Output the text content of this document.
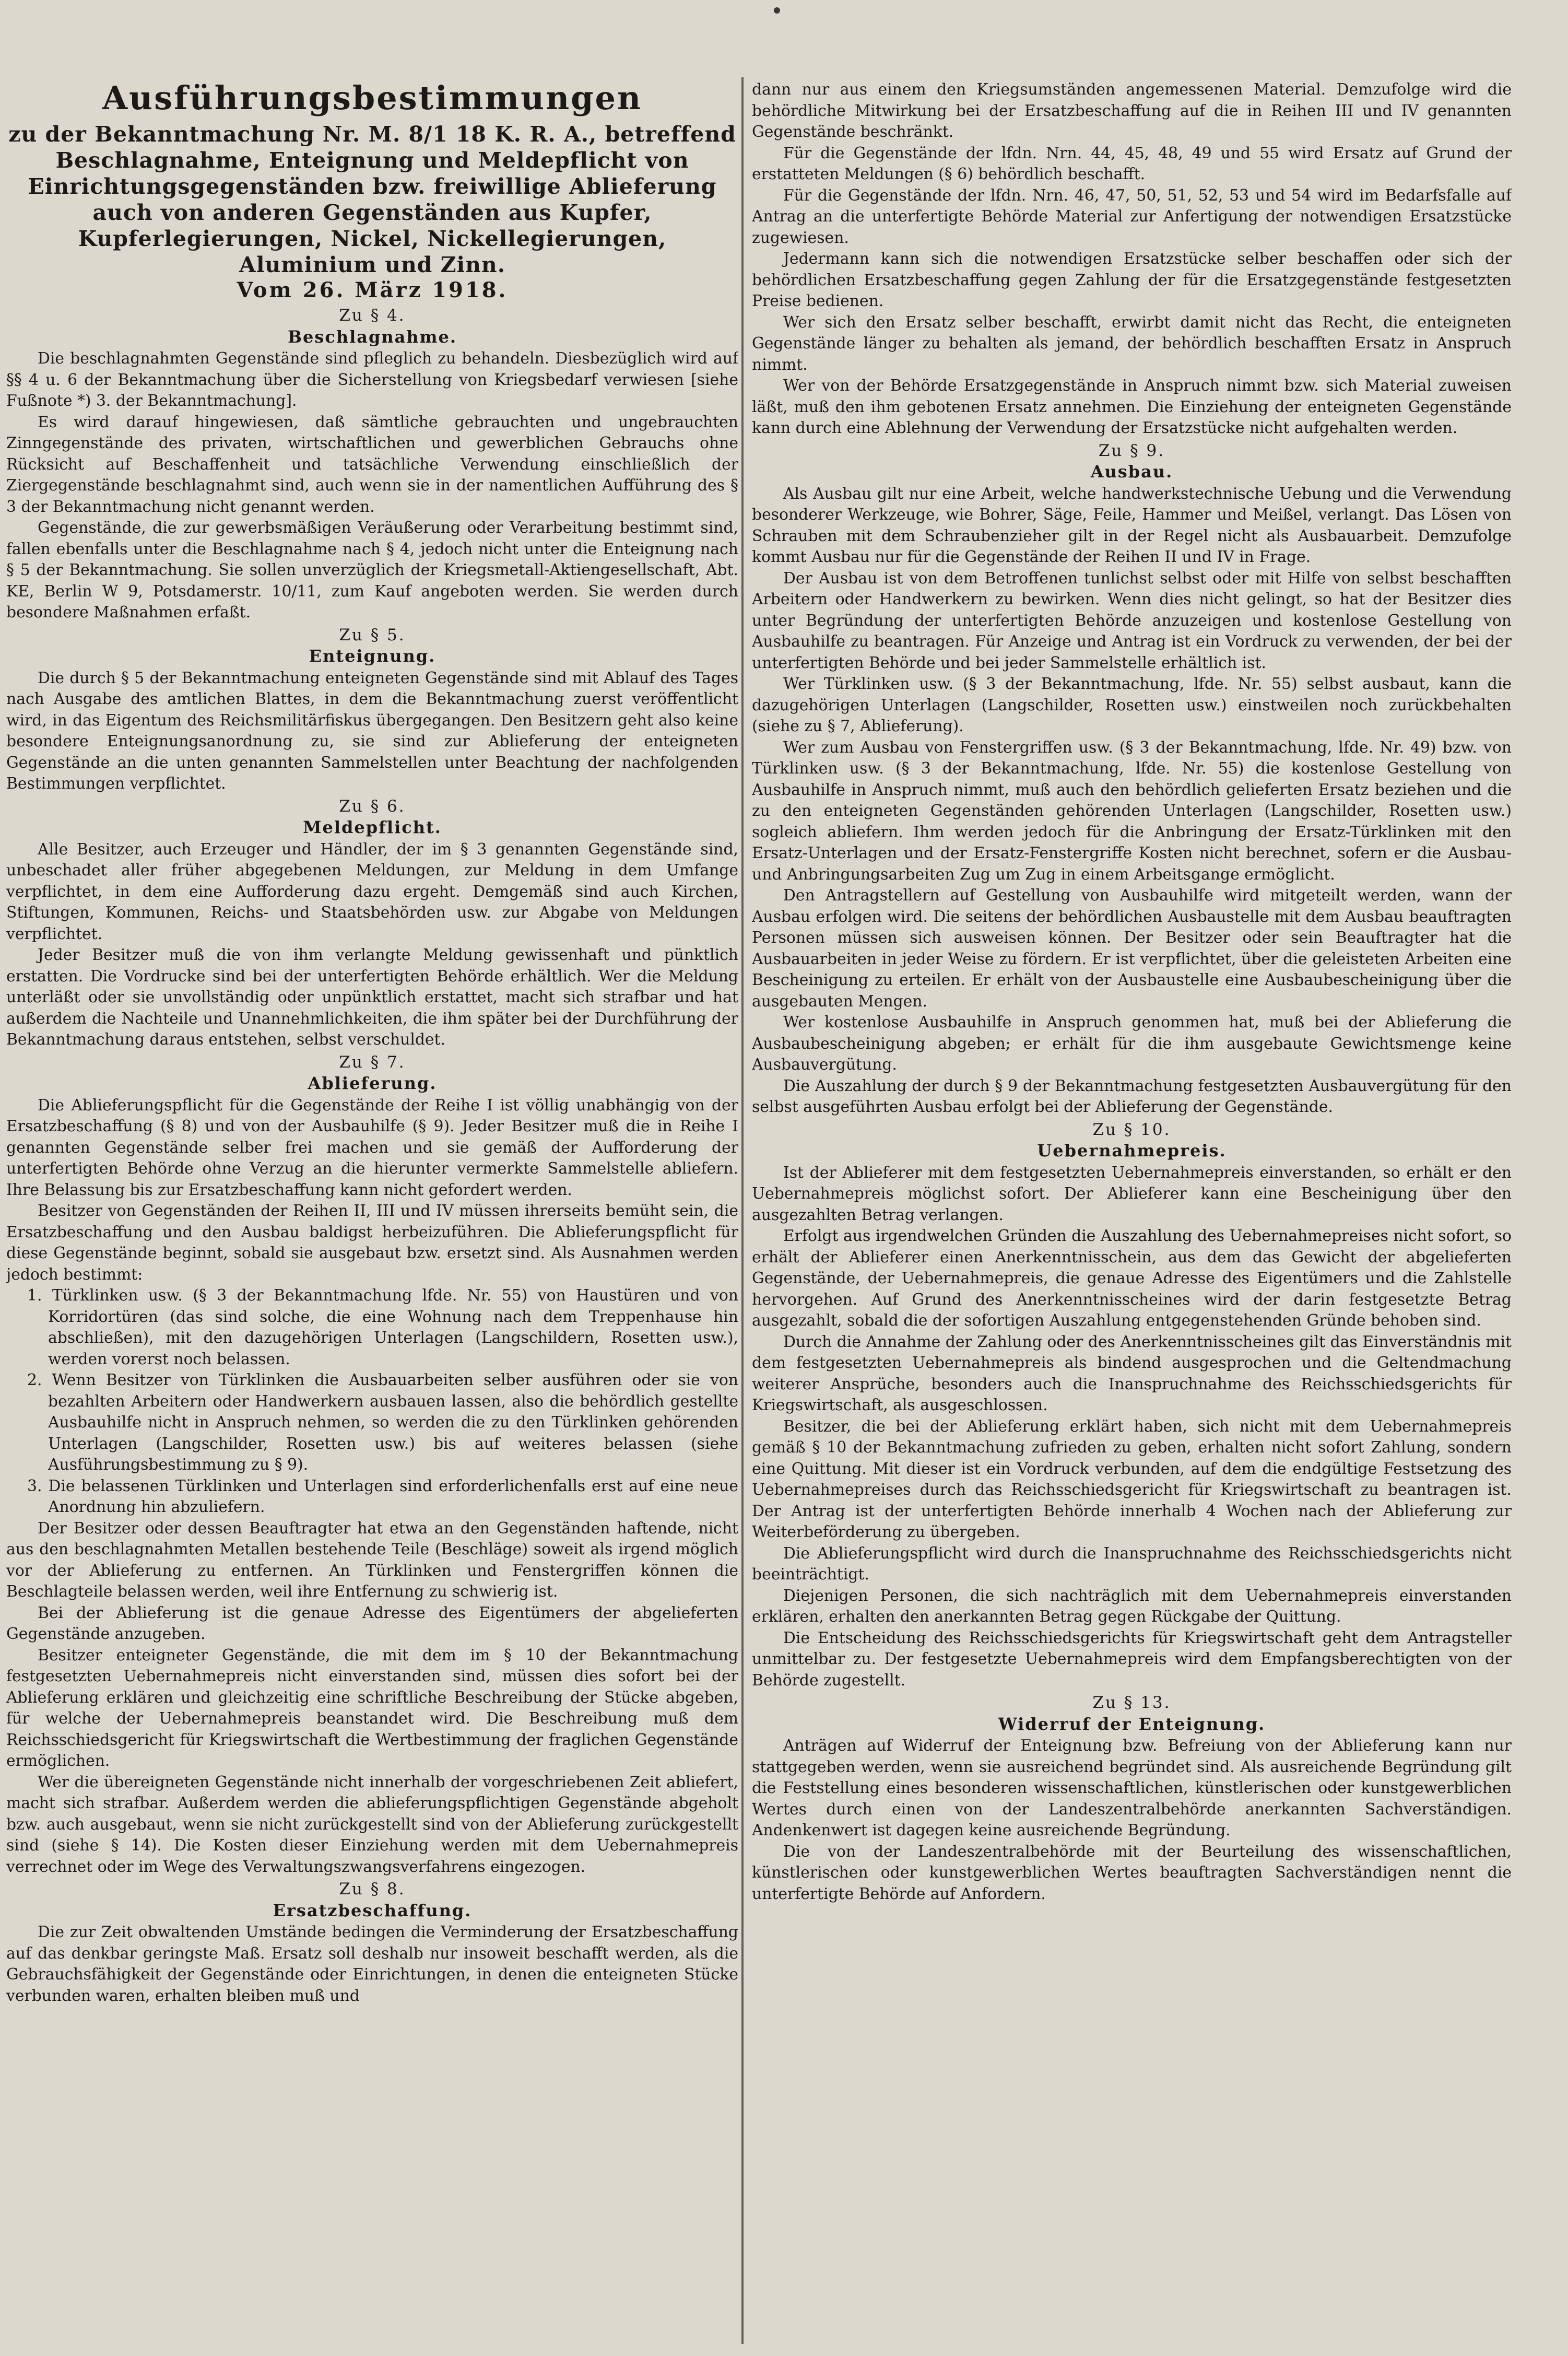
Ausführungsbestimmungen
zu der Bekanntmachung Nr. M. 8/1 18 K. R. A., betreffend Beschlagnahme, Enteignung und Meldepflicht von Einrichtungsgegenständen bzw. freiwillige Ablieferung auch von anderen Gegenständen aus Kupfer, Kupferlegierungen, Nickel, Nickellegierungen, Aluminium und Zinn.
Vom 26. März 1918.
Zu § 4.
Beschlagnahme.

Die beschlagnahmten Gegenstände sind pfleglich zu behandeln. Diesbezüglich wird auf §§ 4 u. 6 der Bekanntmachung über die Sicherstellung von Kriegsbedarf verwiesen [siehe Fußnote *) 3. der Bekanntmachung].

Es wird darauf hingewiesen, daß sämtliche gebrauchten und ungebrauchten Zinngegenstände des privaten, wirtschaftlichen und gewerblichen Gebrauchs ohne Rücksicht auf Beschaffenheit und tatsächliche Verwendung einschließlich der Ziergegenstände beschlagnahmt sind, auch wenn sie in der namentlichen Aufführung des § 3 der Bekanntmachung nicht genannt werden.

Gegenstände, die zur gewerbsmäßigen Veräußerung oder Verarbeitung bestimmt sind, fallen ebenfalls unter die Beschlagnahme nach § 4, jedoch nicht unter die Enteignung nach § 5 der Bekanntmachung. Sie sollen unverzüglich der Kriegsmetall-Aktiengesellschaft, Abt. KE, Berlin W 9, Potsdamerstr. 10/11, zum Kauf angeboten werden. Sie werden durch besondere Maßnahmen erfaßt.

Zu § 5.
Enteignung.

Die durch § 5 der Bekanntmachung enteigneten Gegenstände sind mit Ablauf des Tages nach Ausgabe des amtlichen Blattes, in dem die Bekanntmachung zuerst veröffentlicht wird, in das Eigentum des Reichsmilitärfiskus übergegangen. Den Besitzern geht also keine besondere Enteignungsanordnung zu, sie sind zur Ablieferung der enteigneten Gegenstände an die unten genannten Sammelstellen unter Beachtung der nachfolgenden Bestimmungen verpflichtet.

Zu § 6.
Meldepflicht.

Alle Besitzer, auch Erzeuger und Händler, der im § 3 genannten Gegenstände sind, unbeschadet aller früher abgegebenen Meldungen, zur Meldung in dem Umfange verpflichtet, in dem eine Aufforderung dazu ergeht. Demgemäß sind auch Kirchen, Stiftungen, Kommunen, Reichs- und Staatsbehörden usw. zur Abgabe von Meldungen verpflichtet.

Jeder Besitzer muß die von ihm verlangte Meldung gewissenhaft und pünktlich erstatten. Die Vordrucke sind bei der unterfertigten Behörde erhältlich. Wer die Meldung unterläßt oder sie unvollständig oder unpünktlich erstattet, macht sich strafbar und hat außerdem die Nachteile und Unannehmlichkeiten, die ihm später bei der Durchführung der Bekanntmachung daraus entstehen, selbst verschuldet.

Zu § 7.
Ablieferung.

Die Ablieferungspflicht für die Gegenstände der Reihe I ist völlig unabhängig von der Ersatzbeschaffung (§ 8) und von der Ausbauhilfe (§ 9). Jeder Besitzer muß die in Reihe I genannten Gegenstände selber frei machen und sie gemäß der Aufforderung der unterfertigten Behörde ohne Verzug an die hierunter vermerkte Sammelstelle abliefern. Ihre Belassung bis zur Ersatzbeschaffung kann nicht gefordert werden.

Besitzer von Gegenständen der Reihen II, III und IV müssen ihrerseits bemüht sein, die Ersatzbeschaffung und den Ausbau baldigst herbeizuführen. Die Ablieferungspflicht für diese Gegenstände beginnt, sobald sie ausgebaut bzw. ersetzt sind. Als Ausnahmen werden jedoch bestimmt:

1. Türklinken usw. (§ 3 der Bekanntmachung lfde. Nr. 55) von Haustüren und von Korridortüren (das sind solche, die eine Wohnung nach dem Treppenhause hin abschließen), mit den dazugehörigen Unterlagen (Langschildern, Rosetten usw.), werden vorerst noch belassen.
2. Wenn Besitzer von Türklinken die Ausbauarbeiten selber ausführen oder sie von bezahlten Arbeitern oder Handwerkern ausbauen lassen, also die behördlich gestellte Ausbauhilfe nicht in Anspruch nehmen, so werden die zu den Türklinken gehörenden Unterlagen (Langschilder, Rosetten usw.) bis auf weiteres belassen (siehe Ausführungsbestimmung zu § 9).
3. Die belassenen Türklinken und Unterlagen sind erforderlichenfalls erst auf eine neue Anordnung hin abzuliefern.

Der Besitzer oder dessen Beauftragter hat etwa an den Gegenständen haftende, nicht aus den beschlagnahmten Metallen bestehende Teile (Beschläge) soweit als irgend möglich vor der Ablieferung zu entfernen. An Türklinken und Fenstergriffen können die Beschlagteile belassen werden, weil ihre Entfernung zu schwierig ist.

Bei der Ablieferung ist die genaue Adresse des Eigentümers der abgelieferten Gegenstände anzugeben.

Besitzer enteigneter Gegenstände, die mit dem im § 10 der Bekanntmachung festgesetzten Uebernahmepreis nicht einverstanden sind, müssen dies sofort bei der Ablieferung erklären und gleichzeitig eine schriftliche Beschreibung der Stücke abgeben, für welche der Uebernahmepreis beanstandet wird. Die Beschreibung muß dem Reichsschiedsgericht für Kriegswirtschaft die Wertbestimmung der fraglichen Gegenstände ermöglichen.

Wer die übereigneten Gegenstände nicht innerhalb der vorgeschriebenen Zeit abliefert, macht sich strafbar. Außerdem werden die ablieferungspflichtigen Gegenstände abgeholt bzw. auch ausgebaut, wenn sie nicht zurückgestellt sind von der Ablieferung zurückgestellt sind (siehe § 14). Die Kosten dieser Einziehung werden mit dem Uebernahmepreis verrechnet oder im Wege des Verwaltungszwangsverfahrens eingezogen.

Zu § 8.
Ersatzbeschaffung.

Die zur Zeit obwaltenden Umstände bedingen die Verminderung der Ersatzbeschaffung auf das denkbar geringste Maß. Ersatz soll deshalb nur insoweit beschafft werden, als die Gebrauchsfähigkeit der Gegenstände oder Einrichtungen, in denen die enteigneten Stücke verbunden waren, erhalten bleiben muß und

dann nur aus einem den Kriegsumständen angemessenen Material. Demzufolge wird die behördliche Mitwirkung bei der Ersatzbeschaffung auf die in Reihen III und IV genannten Gegenstände beschränkt.

Für die Gegenstände der lfdn. Nrn. 44, 45, 48, 49 und 55 wird Ersatz auf Grund der erstatteten Meldungen (§ 6) behördlich beschafft.

Für die Gegenstände der lfdn. Nrn. 46, 47, 50, 51, 52, 53 und 54 wird im Bedarfsfalle auf Antrag an die unterfertigte Behörde Material zur Anfertigung der notwendigen Ersatzstücke zugewiesen.

Jedermann kann sich die notwendigen Ersatzstücke selber beschaffen oder sich der behördlichen Ersatzbeschaffung gegen Zahlung der für die Ersatzgegenstände festgesetzten Preise bedienen.

Wer sich den Ersatz selber beschafft, erwirbt damit nicht das Recht, die enteigneten Gegenstände länger zu behalten als jemand, der behördlich beschafften Ersatz in Anspruch nimmt.

Wer von der Behörde Ersatzgegenstände in Anspruch nimmt bzw. sich Material zuweisen läßt, muß den ihm gebotenen Ersatz annehmen. Die Einziehung der enteigneten Gegenstände kann durch eine Ablehnung der Verwendung der Ersatzstücke nicht aufgehalten werden.

Zu § 9.
Ausbau.

Als Ausbau gilt nur eine Arbeit, welche handwerkstechnische Uebung und die Verwendung besonderer Werkzeuge, wie Bohrer, Säge, Feile, Hammer und Meißel, verlangt. Das Lösen von Schrauben mit dem Schraubenzieher gilt in der Regel nicht als Ausbauarbeit. Demzufolge kommt Ausbau nur für die Gegenstände der Reihen II und IV in Frage.

Der Ausbau ist von dem Betroffenen tunlichst selbst oder mit Hilfe von selbst beschafften Arbeitern oder Handwerkern zu bewirken. Wenn dies nicht gelingt, so hat der Besitzer dies unter Begründung der unterfertigten Behörde anzuzeigen und kostenlose Gestellung von Ausbauhilfe zu beantragen. Für Anzeige und Antrag ist ein Vordruck zu verwenden, der bei der unterfertigten Behörde und bei jeder Sammelstelle erhältlich ist.

Wer Türklinken usw. (§ 3 der Bekanntmachung, lfde. Nr. 55) selbst ausbaut, kann die dazugehörigen Unterlagen (Langschilder, Rosetten usw.) einstweilen noch zurückbehalten (siehe zu § 7, Ablieferung).

Wer zum Ausbau von Fenstergriffen usw. (§ 3 der Bekanntmachung, lfde. Nr. 49) bzw. von Türklinken usw. (§ 3 der Bekanntmachung, lfde. Nr. 55) die kostenlose Gestellung von Ausbauhilfe in Anspruch nimmt, muß auch den behördlich gelieferten Ersatz beziehen und die zu den enteigneten Gegenständen gehörenden Unterlagen (Langschilder, Rosetten usw.) sogleich abliefern. Ihm werden jedoch für die Anbringung der Ersatz-Türklinken mit den Ersatz-Unterlagen und der Ersatz-Fenstergriffe Kosten nicht berechnet, sofern er die Ausbau- und Anbringungsarbeiten Zug um Zug in einem Arbeitsgange ermöglicht.

Den Antragstellern auf Gestellung von Ausbauhilfe wird mitgeteilt werden, wann der Ausbau erfolgen wird. Die seitens der behördlichen Ausbaustelle mit dem Ausbau beauftragten Personen müssen sich ausweisen können. Der Besitzer oder sein Beauftragter hat die Ausbauarbeiten in jeder Weise zu fördern. Er ist verpflichtet, über die geleisteten Arbeiten eine Bescheinigung zu erteilen. Er erhält von der Ausbaustelle eine Ausbaubescheinigung über die ausgebauten Mengen.

Wer kostenlose Ausbauhilfe in Anspruch genommen hat, muß bei der Ablieferung die Ausbaubescheinigung abgeben; er erhält für die ihm ausgebaute Gewichtsmenge keine Ausbauvergütung.

Die Auszahlung der durch § 9 der Bekanntmachung festgesetzten Ausbauvergütung für den selbst ausgeführten Ausbau erfolgt bei der Ablieferung der Gegenstände.

Zu § 10.
Uebernahmepreis.

Ist der Ablieferer mit dem festgesetzten Uebernahmepreis einverstanden, so erhält er den Uebernahmepreis möglichst sofort. Der Ablieferer kann eine Bescheinigung über den ausgezahlten Betrag verlangen.

Erfolgt aus irgendwelchen Gründen die Auszahlung des Uebernahmepreises nicht sofort, so erhält der Ablieferer einen Anerkenntnisschein, aus dem das Gewicht der abgelieferten Gegenstände, der Uebernahmepreis, die genaue Adresse des Eigentümers und die Zahlstelle hervorgehen. Auf Grund des Anerkenntnisscheines wird der darin festgesetzte Betrag ausgezahlt, sobald die der sofortigen Auszahlung entgegenstehenden Gründe behoben sind.

Durch die Annahme der Zahlung oder des Anerkenntnisscheines gilt das Einverständnis mit dem festgesetzten Uebernahmepreis als bindend ausgesprochen und die Geltendmachung weiterer Ansprüche, besonders auch die Inanspruchnahme des Reichsschiedsgerichts für Kriegswirtschaft, als ausgeschlossen.

Besitzer, die bei der Ablieferung erklärt haben, sich nicht mit dem Uebernahmepreis gemäß § 10 der Bekanntmachung zufrieden zu geben, erhalten nicht sofort Zahlung, sondern eine Quittung. Mit dieser ist ein Vordruck verbunden, auf dem die endgültige Festsetzung des Uebernahmepreises durch das Reichsschiedsgericht für Kriegswirtschaft zu beantragen ist. Der Antrag ist der unterfertigten Behörde innerhalb 4 Wochen nach der Ablieferung zur Weiterbeförderung zu übergeben.

Die Ablieferungspflicht wird durch die Inanspruchnahme des Reichsschiedsgerichts nicht beeinträchtigt.

Diejenigen Personen, die sich nachträglich mit dem Uebernahmepreis einverstanden erklären, erhalten den anerkannten Betrag gegen Rückgabe der Quittung.

Die Entscheidung des Reichsschiedsgerichts für Kriegswirtschaft geht dem Antragsteller unmittelbar zu. Der festgesetzte Uebernahmepreis wird dem Empfangsberechtigten von der Behörde zugestellt.

Zu § 13.
Widerruf der Enteignung.

Anträgen auf Widerruf der Enteignung bzw. Befreiung von der Ablieferung kann nur stattgegeben werden, wenn sie ausreichend begründet sind. Als ausreichende Begründung gilt die Feststellung eines besonderen wissenschaftlichen, künstlerischen oder kunstgewerblichen Wertes durch einen von der Landeszentralbehörde anerkannten Sachverständigen. Andenkenwert ist dagegen keine ausreichende Begründung.

Die von der Landeszentralbehörde mit der Beurteilung des wissenschaftlichen, künstlerischen oder kunstgewerblichen Wertes beauftragten Sachverständigen nennt die unterfertigte Behörde auf Anfordern.
